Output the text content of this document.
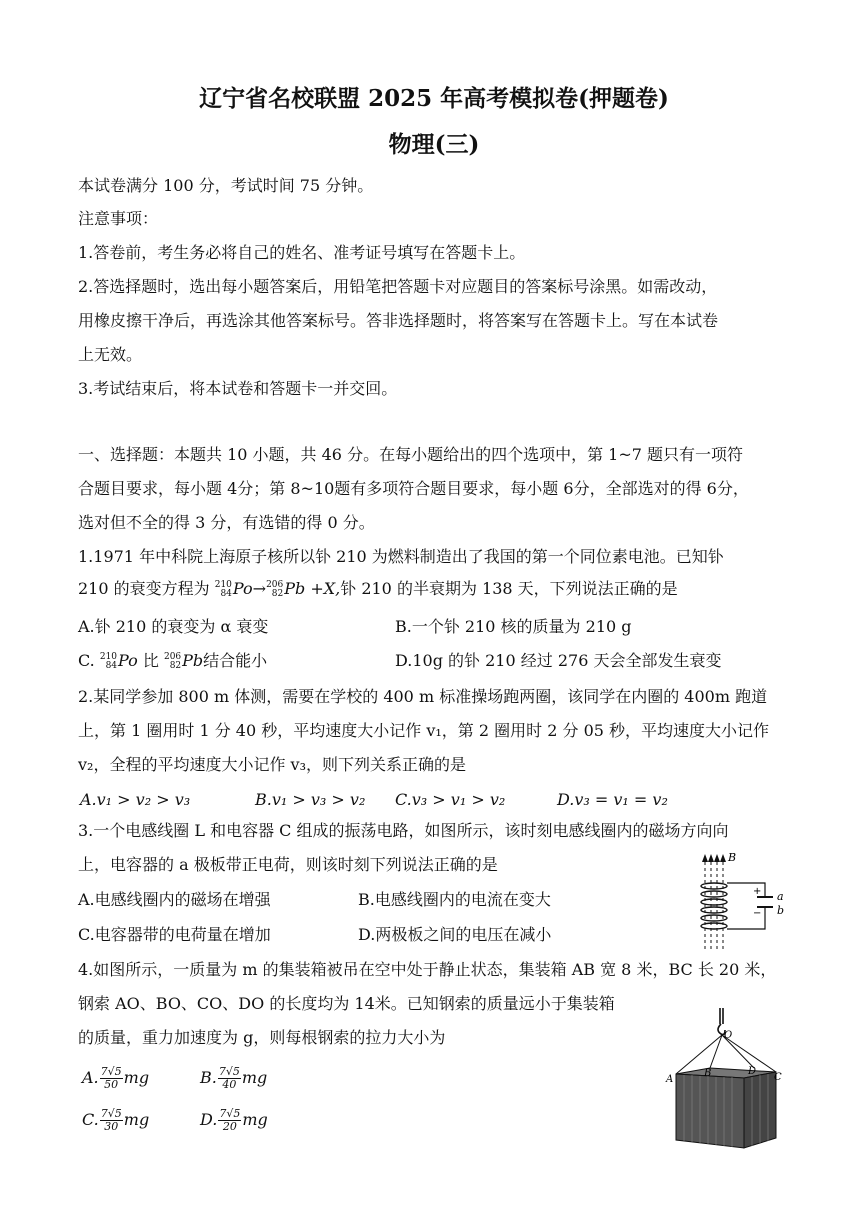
辽宁省名校联盟 2025 年高考模拟卷(押题卷)
物理(三)
本试卷满分 100 分，考试时间 75 分钟。
注意事项：
1.答卷前，考生务必将自己的姓名、准考证号填写在答题卡上。
2.答选择题时，选出每小题答案后，用铅笔把答题卡对应题目的答案标号涂黑。如需改动，
用橡皮擦干净后，再选涂其他答案标号。答非选择题时，将答案写在答题卡上。写在本试卷
上无效。
3.考试结束后，将本试卷和答题卡一并交回。
一、选择题：本题共 10 小题，共 46 分。在每小题给出的四个选项中，第 1~7 题只有一项符
合题目要求，每小题 4分；第 8~10题有多项符合题目要求，每小题 6分，全部选对的得 6分，
选对但不全的得 3 分，有选错的得 0 分。
1.1971 年中科院上海原子核所以钋 210 为燃料制造出了我国的第一个同位素电池。已知钋
210 的衰变方程为 210
84 Po→ 206
82 Pb +X,钋 210 的半衰期为 138 天，下列说法正确的是
A.钋 210 的衰变为 α 衰变	B.一个钋 210 核的质量为 210 g
C. 210
84 Po 比 206
82 Pb结合能小	D.10g 的钋 210 经过 276 天会全部发生衰变
2.某同学参加 800 m 体测，需要在学校的 400 m 标准操场跑两圈，该同学在内圈的 400m 跑道
上，第 1 圈用时 1 分 40 秒，平均速度大小记作 v₁，第 2 圈用时 2 分 05 秒，平均速度大小记作
v₂，全程的平均速度大小记作 v₃，则下列关系正确的是
A.v₁ > v₂ > v₃	B.v₁ > v₃ > v₂ C.v₃ > v₁ > v₂	D.v₃ = v₁ = v₂
3.一个电感线圈 L 和电容器 C 组成的振荡电路，如图所示，该时刻电感线圈内的磁场方向向
上，电容器的 a 极板带正电荷，则该时刻下列说法正确的是
A.电感线圈内的磁场在增强	B.电感线圈内的电流在变大
C.电容器带的电荷量在增加	D.两极板之间的电压在减小
B
+
−
a
b
4.如图所示，一质量为 m 的集装箱被吊在空中处于静止状态，集装箱 AB 宽 8 米，BC 长 20 米，
钢索 AO、BO、CO、DO 的长度均为 14米。已知钢索的质量远小于集装箱
的质量，重力加速度为 g，则每根钢索的拉力大小为
A. $\frac{7√5}{50}$ mg	B. $\frac{7√5}{40}$ mg
C. $\frac{7√5}{30}$ mg	D. $\frac{7√5}{20}$ mg
O
A
B	D
C
